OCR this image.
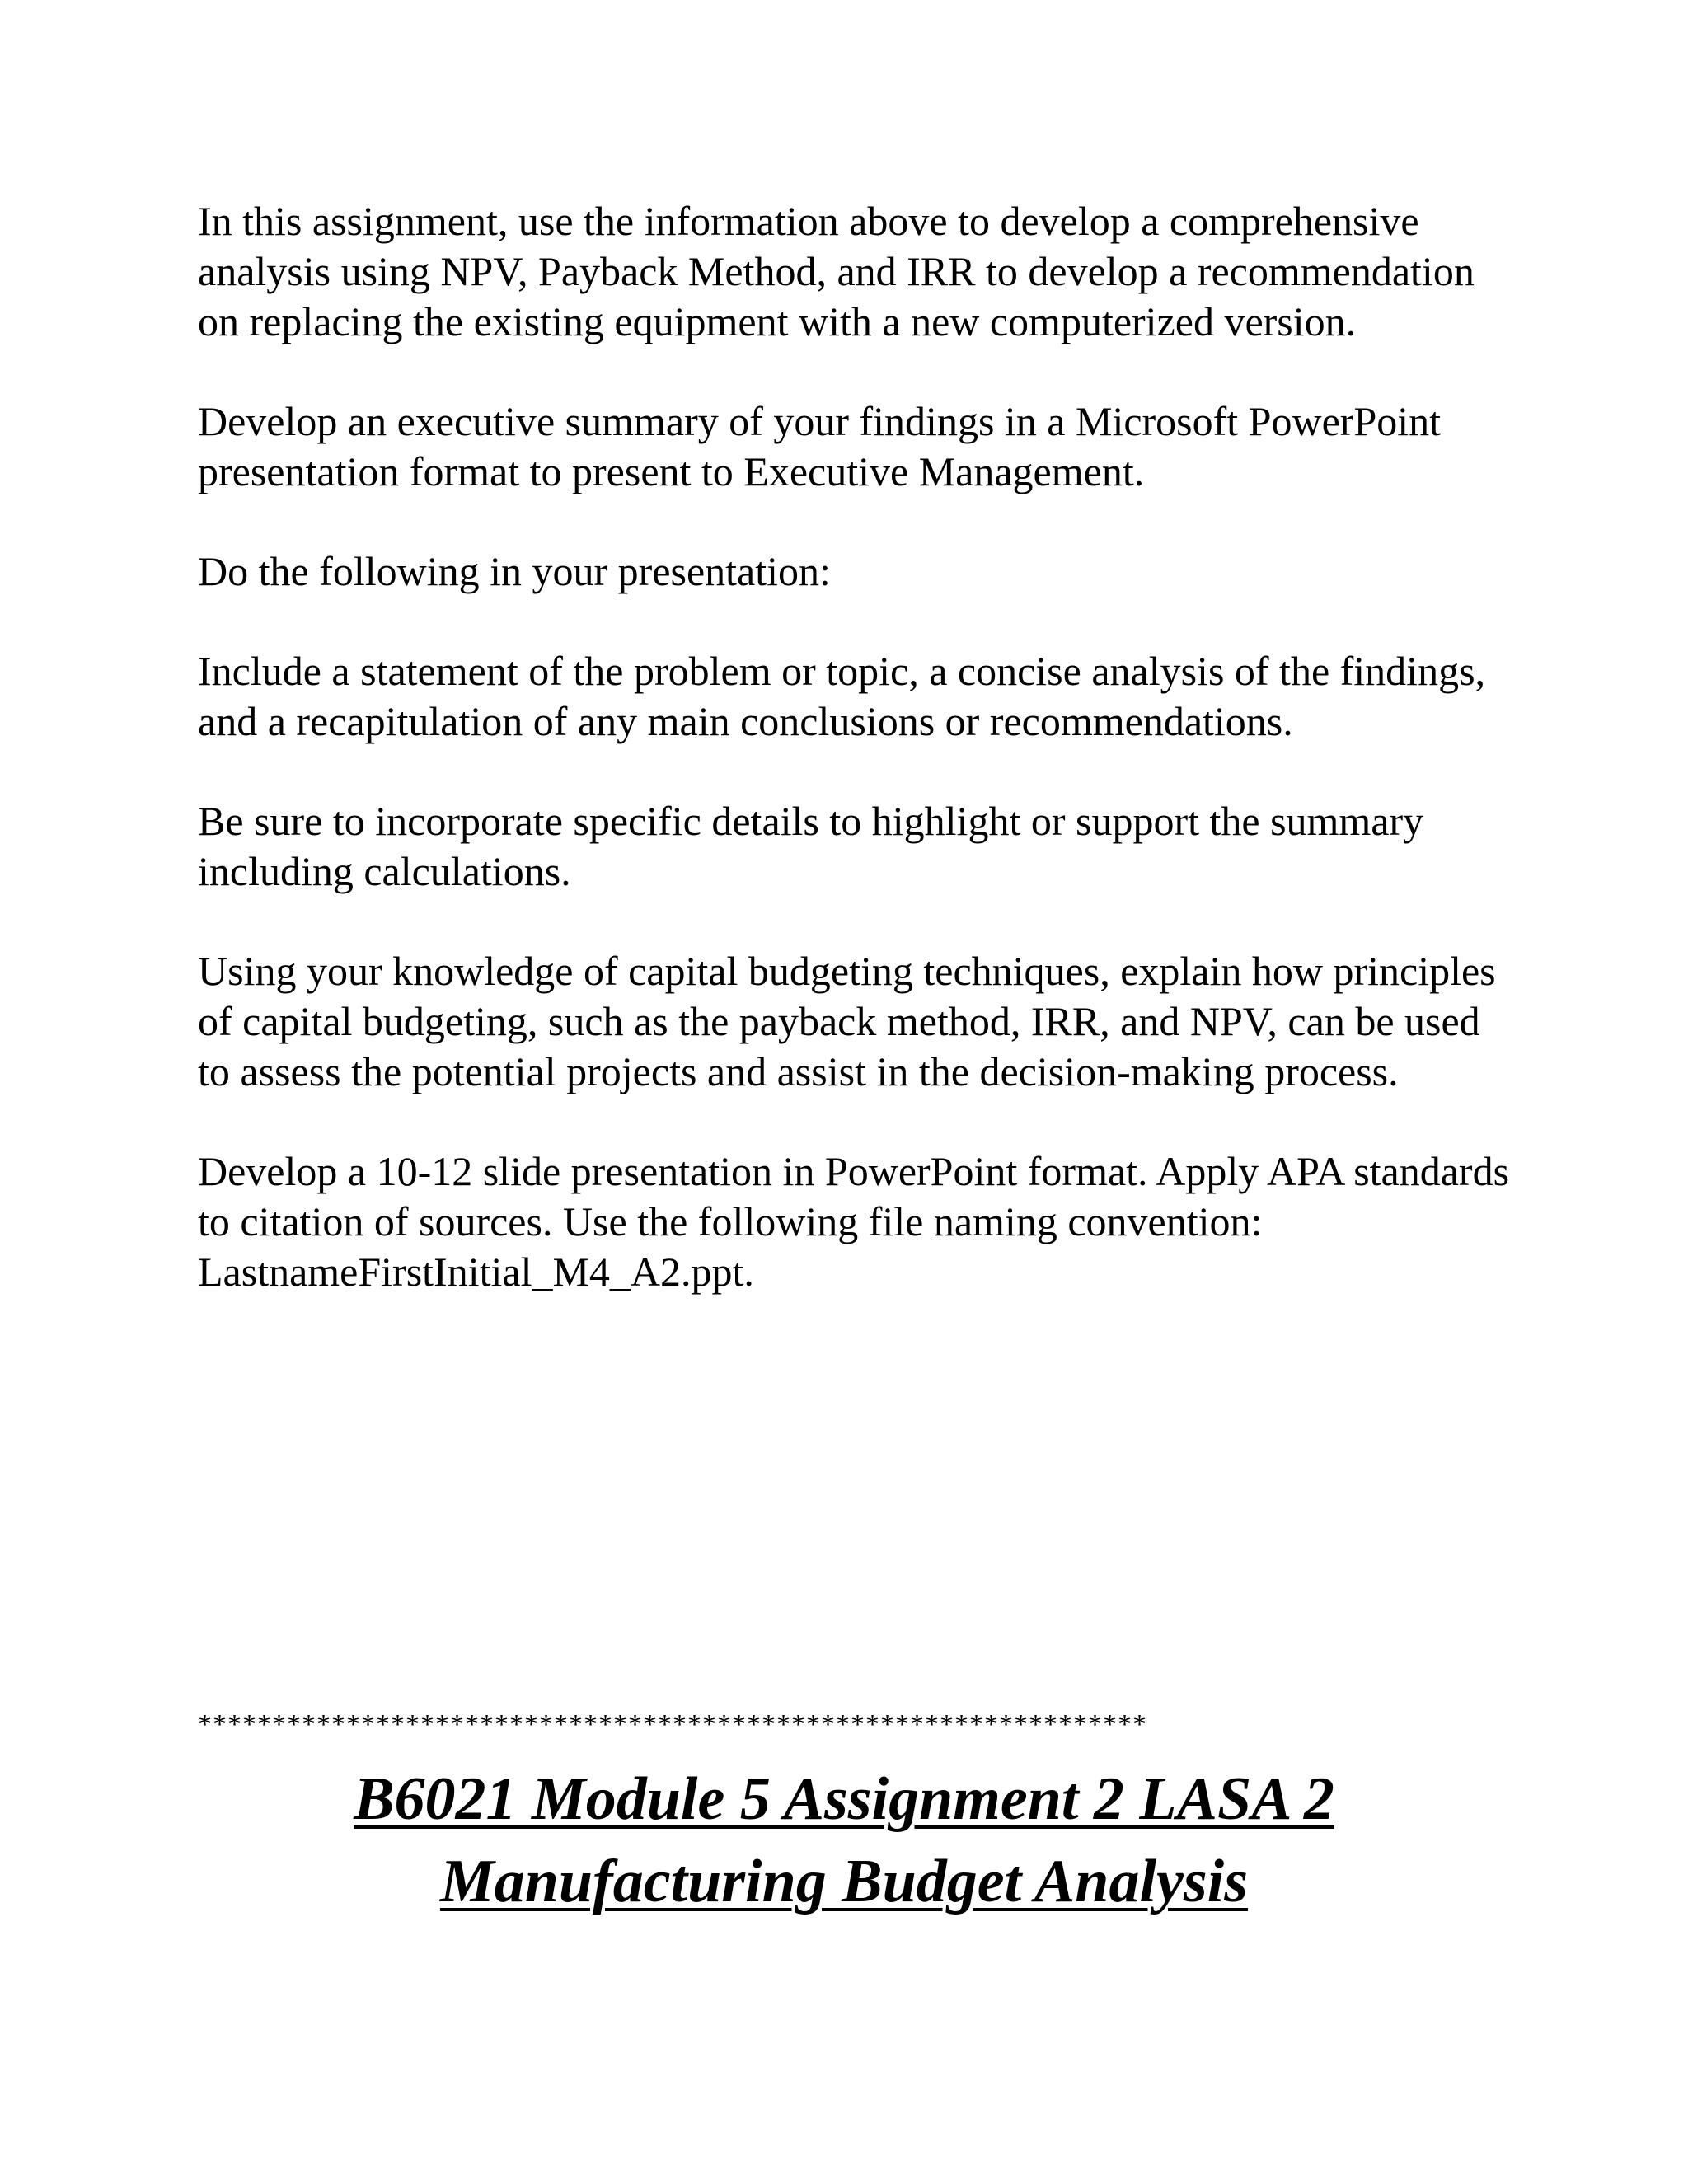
In this assignment, use the information above to develop a comprehensive analysis using NPV, Payback Method, and IRR to develop a recommendation on replacing the existing equipment with a new computerized version.

Develop an executive summary of your findings in a Microsoft PowerPoint presentation format to present to Executive Management.

Do the following in your presentation:

Include a statement of the problem or topic, a concise analysis of the findings, and a recapitulation of any main conclusions or recommendations.

Be sure to incorporate specific details to highlight or support the summary including calculations.

Using your knowledge of capital budgeting techniques, explain how principles of capital budgeting, such as the payback method, IRR, and NPV, can be used to assess the potential projects and assist in the decision-making process.

Develop a 10-12 slide presentation in PowerPoint format. Apply APA standards to citation of sources. Use the following file naming convention: LastnameFirstInitial_M4_A2.ppt.

****************************************************************
B6021 Module 5 Assignment 2 LASA 2
Manufacturing Budget Analysis
